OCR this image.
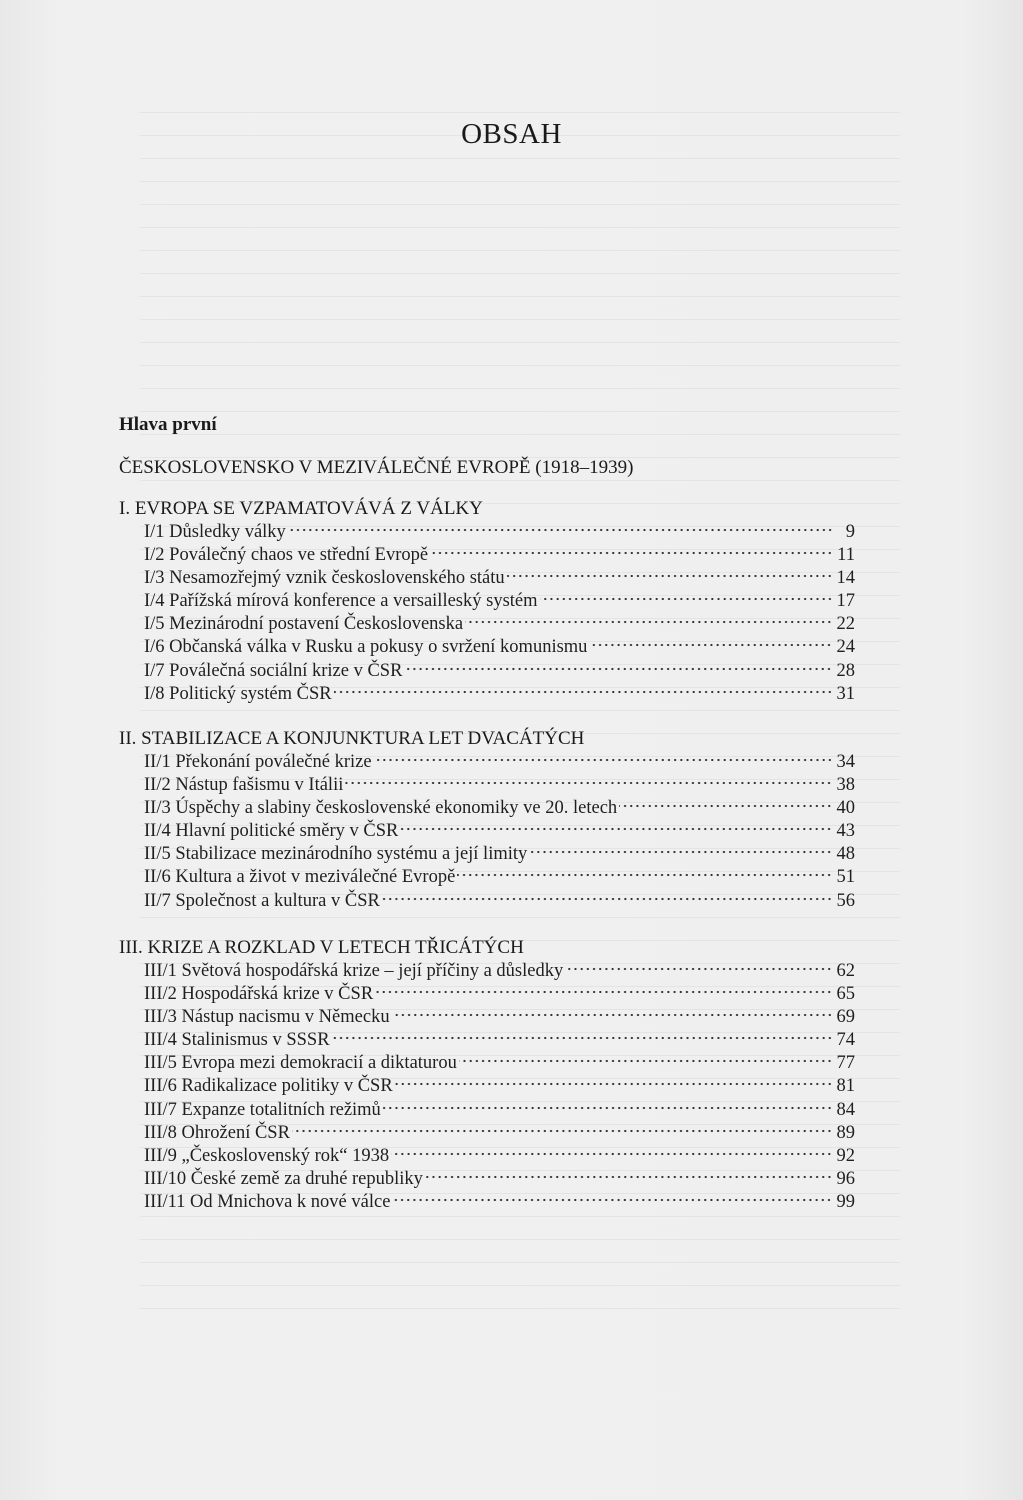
OBSAH
Hlava první
ČESKOSLOVENSKO V MEZIVÁLEČNÉ EVROPĚ (1918–1939)
I. EVROPA SE VZPAMATOVÁVÁ Z VÁLKY
I/1 Důsledky války	9
I/2 Poválečný chaos ve střední Evropě	11
I/3 Nesamozřejmý vznik československého státu	14
I/4 Pařížská mírová konference a versailleský systém	17
I/5 Mezinárodní postavení Československa	22
I/6 Občanská válka v Rusku a pokusy o svržení komunismu	24
I/7 Poválečná sociální krize v ČSR	28
I/8 Politický systém ČSR	31
II. STABILIZACE A KONJUNKTURA LET DVACÁTÝCH
II/1 Překonání poválečné krize	34
II/2 Nástup fašismu v Itálii	38
II/3 Úspěchy a slabiny československé ekonomiky ve 20. letech	40
II/4 Hlavní politické směry v ČSR	43
II/5 Stabilizace mezinárodního systému a její limity	48
II/6 Kultura a život v meziválečné Evropě	51
II/7 Společnost a kultura v ČSR	56
III. KRIZE A ROZKLAD V LETECH TŘICÁTÝCH
III/1 Světová hospodářská krize – její příčiny a důsledky	62
III/2 Hospodářská krize v ČSR	65
III/3 Nástup nacismu v Německu	69
III/4 Stalinismus v SSSR	74
III/5 Evropa mezi demokracií a diktaturou	77
III/6 Radikalizace politiky v ČSR	81
III/7 Expanze totalitních režimů	84
III/8 Ohrožení ČSR	89
III/9 „Československý rok“ 1938	92
III/10 České země za druhé republiky	96
III/11 Od Mnichova k nové válce	99
